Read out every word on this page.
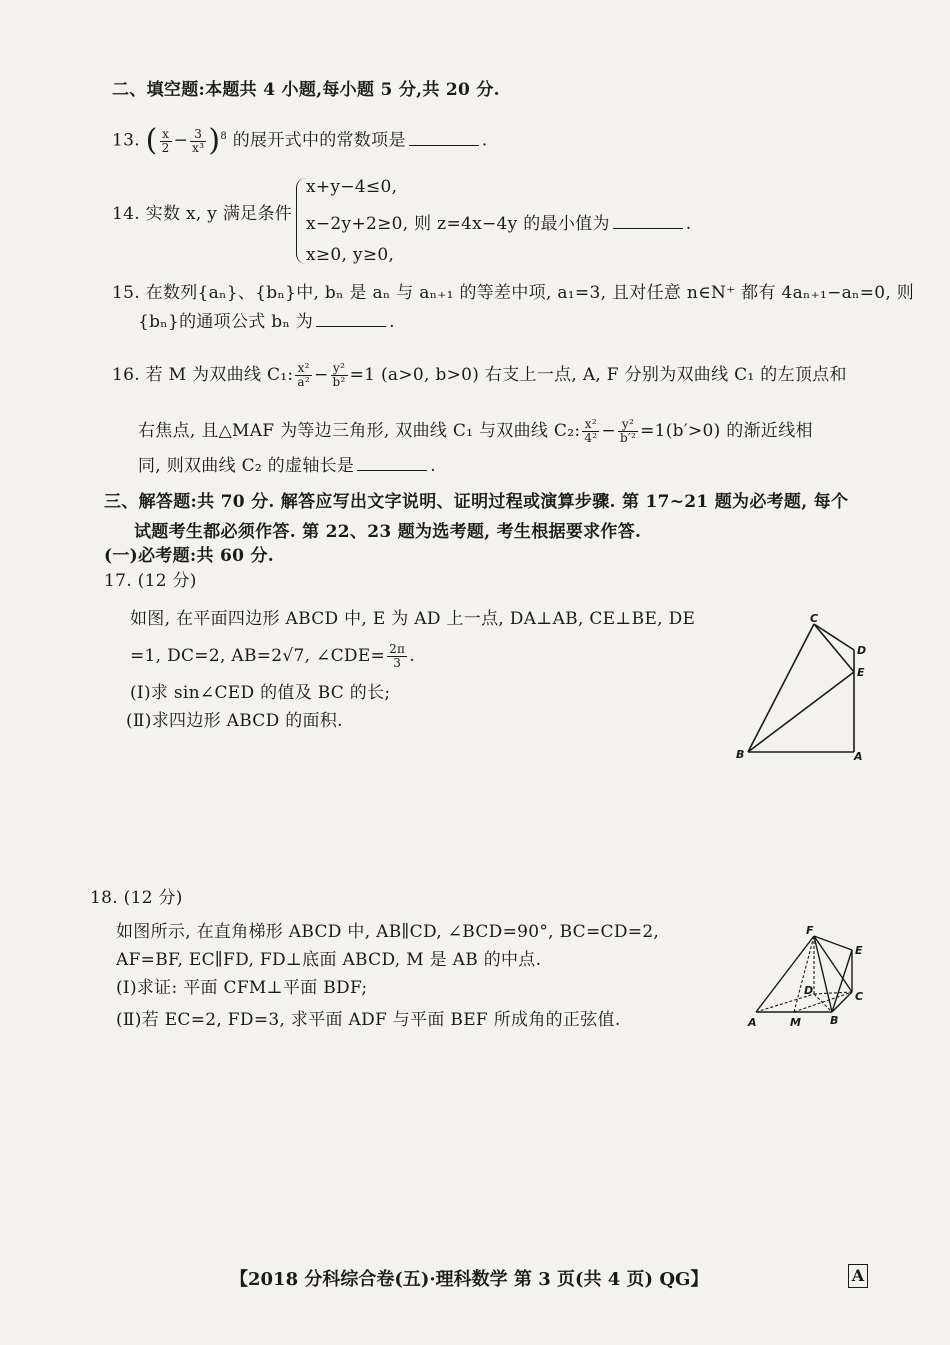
二、填空题:本题共 4 小题,每小题 5 分,共 20 分.
13. ( $\frac{x}{2} - \frac{3}{\text{x³}} )^8$ 的展开式中的常数项是	.
14. 实数 x, y 满足条件
x+y−4≤0,
x−2y+2≥0, 则 z=4x−4y 的最小值为	.
x≥0, y≥0,
15. 在数列{aₙ}、{bₙ}中, bₙ 是 aₙ 与 aₙ₊₁ 的等差中项, a₁=3, 且对任意 n∈N⁺ 都有 4aₙ₊₁−aₙ=0, 则
{bₙ}的通项公式 bₙ 为	.
16. 若 M 为双曲线 C₁: $\frac{\text{x²}}{\text{a²}} - \frac{\text{y²}}{\text{b²}} =1$ (a>0, b>0) 右支上一点, A, F 分别为双曲线 C₁ 的左顶点和
右焦点, 且△MAF 为等边三角形, 双曲线 C₁ 与双曲线 C₂: $\frac{\text{x²}}{\text{4²}} - \frac{\text{y²}}{\text{b′²}} =1(b'>0)$ 的渐近线相
同, 则双曲线 C₂ 的虚轴长是	.
三、解答题:共 70 分. 解答应写出文字说明、证明过程或演算步骤. 第 17~21 题为必考题, 每个
试题考生都必须作答. 第 22、23 题为选考题, 考生根据要求作答.
(一)必考题:共 60 分.
17. (12 分)
如图, 在平面四边形 ABCD 中, E 为 AD 上一点, DA⊥AB, CE⊥BE, DE
=1, DC=2, AB=2√7, ∠CDE= $\frac{2\pi}{3}$ .
(Ⅰ)求 sin∠CED 的值及 BC 的长;
(Ⅱ)求四边形 ABCD 的面积.
C
D
E
B	A
18. (12 分)
如图所示, 在直角梯形 ABCD 中, AB∥CD, ∠BCD=90°, BC=CD=2,
AF=BF, EC∥FD, FD⊥底面 ABCD, M 是 AB 的中点.
(Ⅰ)求证: 平面 CFM⊥平面 BDF;
(Ⅱ)若 EC=2, FD=3, 求平面 ADF 与平面 BEF 所成角的正弦值.
F
E
D	C
A	M	B
【2018 分科综合卷(五)·理科数学 第 3 页(共 4 页) QG】	A
